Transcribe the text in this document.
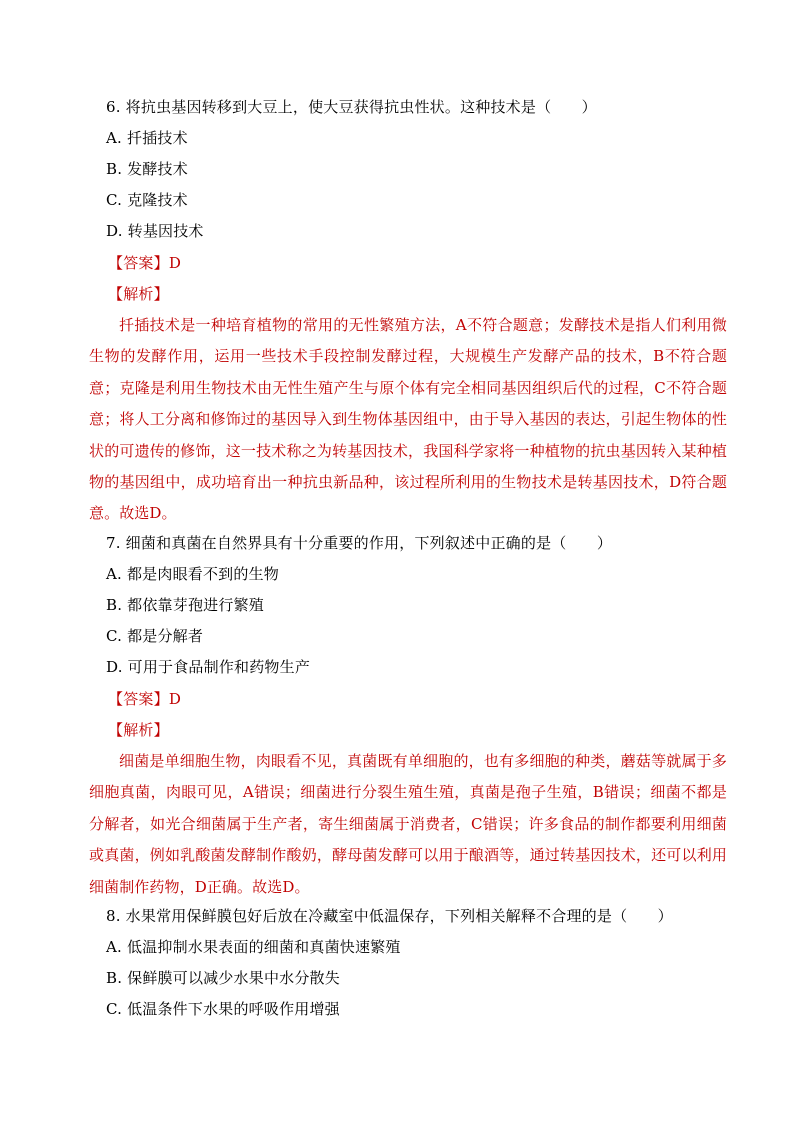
6. 将抗虫基因转移到大豆上，使大豆获得抗虫性状。这种技术是（　　）
A. 扦插技术
B. 发酵技术
C. 克隆技术
D. 转基因技术
【答案】D
【解析】
扦插技术是一种培育植物的常用的无性繁殖方法，A不符合题意；发酵技术是指人们利用微生物的发酵作用，运用一些技术手段控制发酵过程，大规模生产发酵产品的技术，B不符合题意；克隆是利用生物技术由无性生殖产生与原个体有完全相同基因组织后代的过程，C不符合题意；将人工分离和修饰过的基因导入到生物体基因组中，由于导入基因的表达，引起生物体的性状的可遗传的修饰，这一技术称之为转基因技术，我国科学家将一种植物的抗虫基因转入某种植物的基因组中，成功培育出一种抗虫新品种，该过程所利用的生物技术是转基因技术，D符合题意。故选D。
7. 细菌和真菌在自然界具有十分重要的作用，下列叙述中正确的是（　　）
A. 都是肉眼看不到的生物
B. 都依靠芽孢进行繁殖
C. 都是分解者
D. 可用于食品制作和药物生产
【答案】D
【解析】
细菌是单细胞生物，肉眼看不见，真菌既有单细胞的，也有多细胞的种类，蘑菇等就属于多细胞真菌，肉眼可见，A错误；细菌进行分裂生殖生殖，真菌是孢子生殖，B错误；细菌不都是分解者，如光合细菌属于生产者，寄生细菌属于消费者，C错误；许多食品的制作都要利用细菌或真菌，例如乳酸菌发酵制作酸奶，酵母菌发酵可以用于酿酒等，通过转基因技术，还可以利用细菌制作药物，D正确。故选D。
8. 水果常用保鲜膜包好后放在冷藏室中低温保存，下列相关解释不合理的是（　　）
A. 低温抑制水果表面的细菌和真菌快速繁殖
B. 保鲜膜可以减少水果中水分散失
C. 低温条件下水果的呼吸作用增强
